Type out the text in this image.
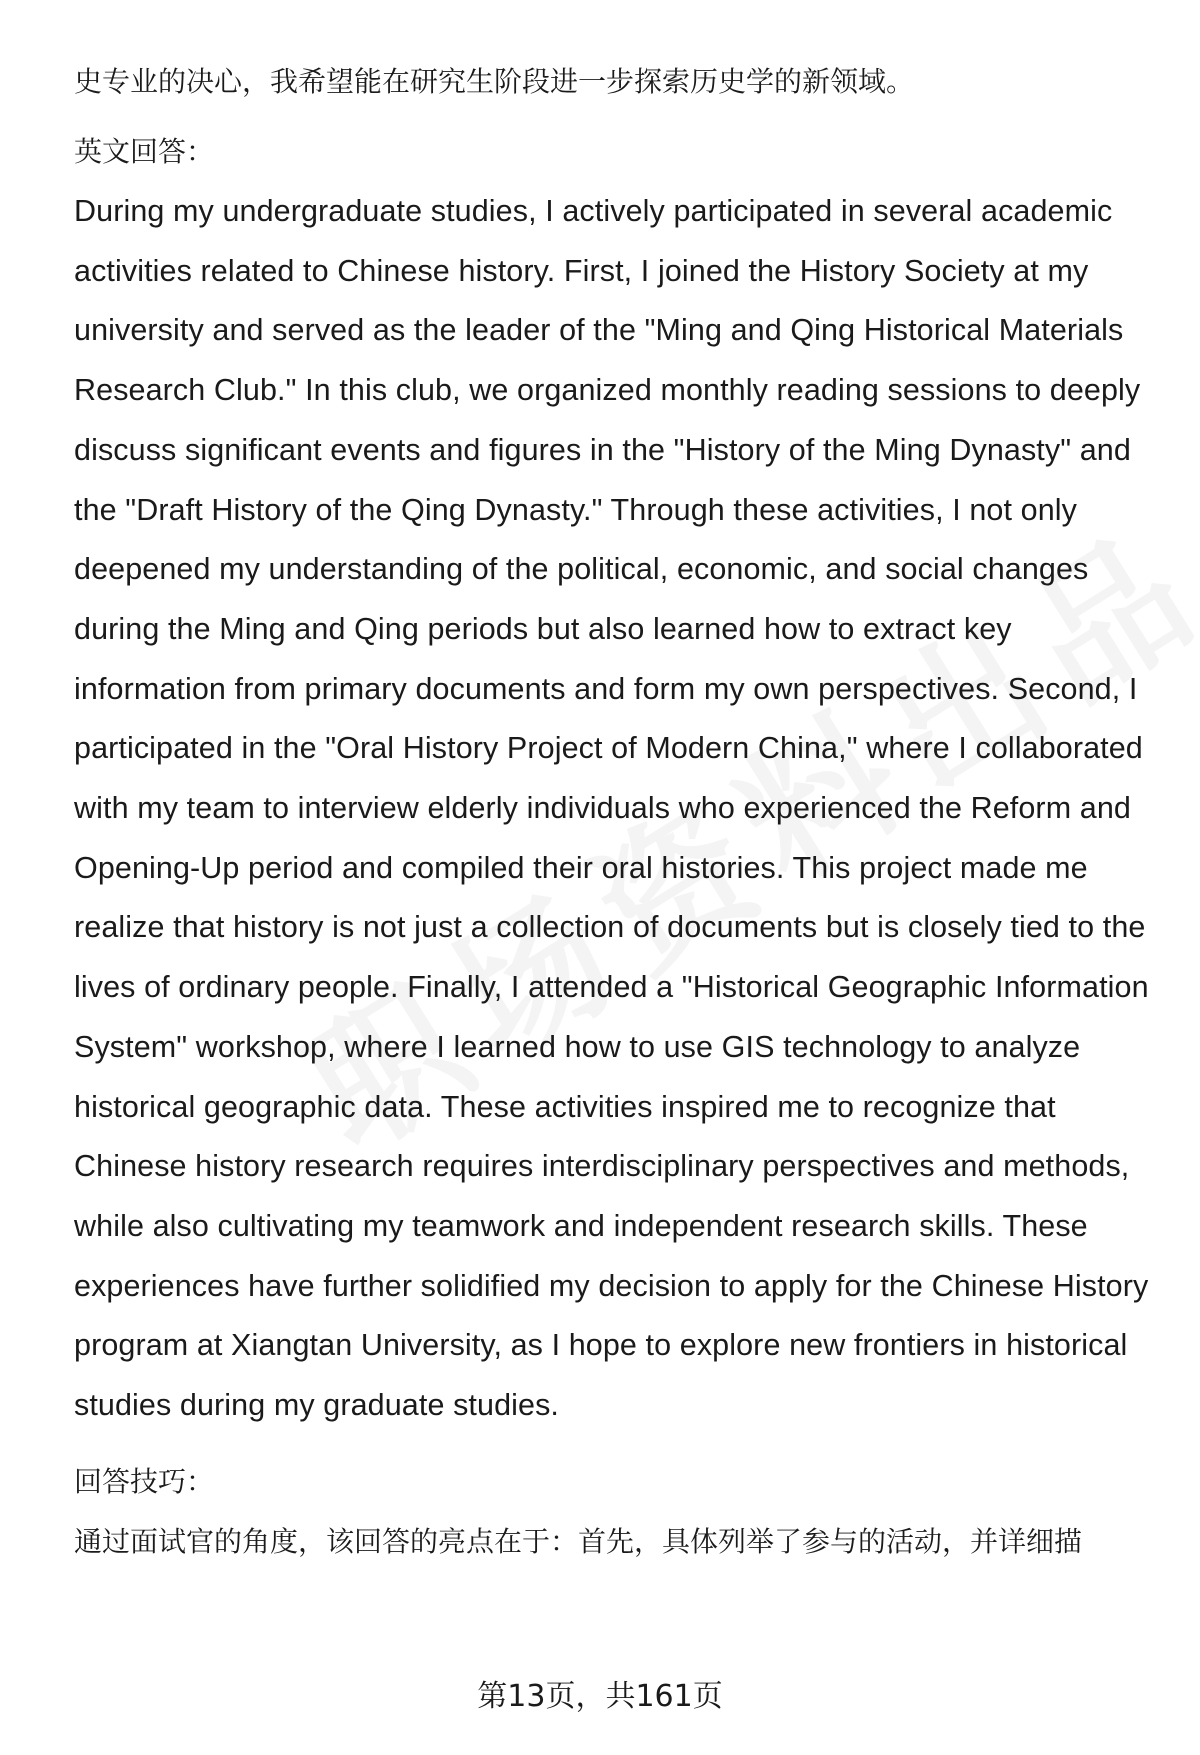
史专业的决心，我希望能在研究生阶段进一步探索历史学的新领域。

英文回答：

During my undergraduate studies, I actively participated in several academic activities related to Chinese history. First, I joined the History Society at my university and served as the leader of the "Ming and Qing Historical Materials Research Club." In this club, we organized monthly reading sessions to deeply discuss significant events and figures in the "History of the Ming Dynasty" and the "Draft History of the Qing Dynasty." Through these activities, I not only deepened my understanding of the political, economic, and social changes during the Ming and Qing periods but also learned how to extract key information from primary documents and form my own perspectives. Second, I participated in the "Oral History Project of Modern China," where I collaborated with my team to interview elderly individuals who experienced the Reform and Opening-Up period and compiled their oral histories. This project made me realize that history is not just a collection of documents but is closely tied to the lives of ordinary people. Finally, I attended a "Historical Geographic Information System" workshop, where I learned how to use GIS technology to analyze historical geographic data. These activities inspired me to recognize that Chinese history research requires interdisciplinary perspectives and methods, while also cultivating my teamwork and independent research skills. These experiences have further solidified my decision to apply for the Chinese History program at Xiangtan University, as I hope to explore new frontiers in historical studies during my graduate studies.

回答技巧：

通过面试官的角度，该回答的亮点在于：首先，具体列举了参与的活动，并详细描

第13页，共161页
